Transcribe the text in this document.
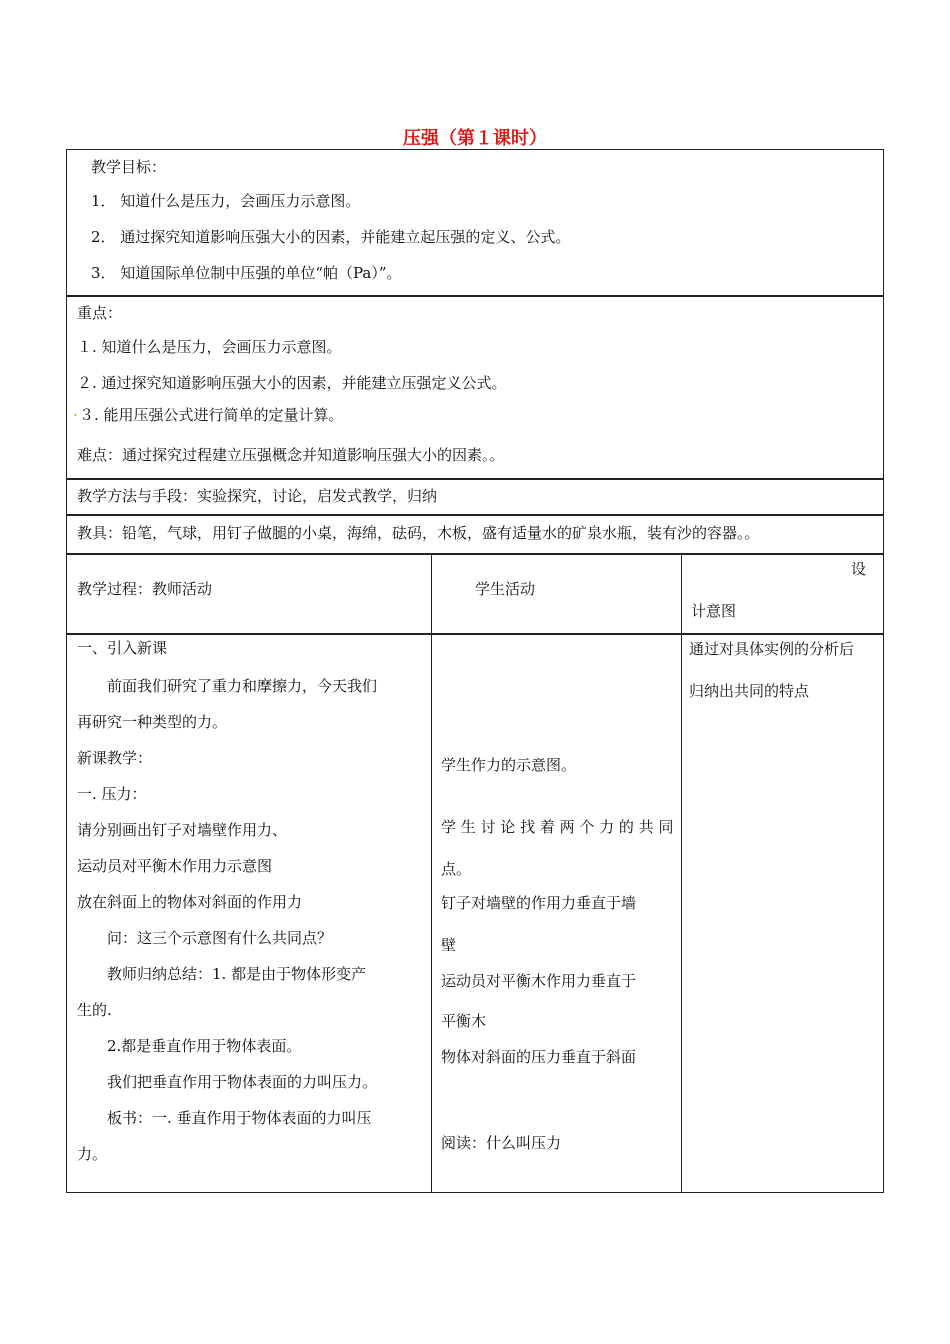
压强（第１课时）
教学目标：
1． 知道什么是压力，会画压力示意图。
2． 通过探究知道影响压强大小的因素，并能建立起压强的定义、公式。
3． 知道国际单位制中压强的单位“帕（Pa）”。
重点：
１. 知道什么是压力，会画压力示意图。
２. 通过探究知道影响压强大小的因素，并能建立压强定义公式。
. ３. 能用压强公式进行简单的定量计算。
难点：通过探究过程建立压强概念并知道影响压强大小的因素。。
教学方法与手段：实验探究，讨论，启发式教学，归纳
教具：铅笔，气球，用钉子做腿的小桌，海绵，砝码，木板，盛有适量水的矿泉水瓶，装有沙的容器。。
教学过程：教师活动	学生活动
设
计意图
一、引入新课
　　前面我们研究了重力和摩擦力，今天我们
再研究一种类型的力。
新课教学：
一. 压力：
请分别画出钉子对墙壁作用力、
运动员对平衡木作用力示意图
放在斜面上的物体对斜面的作用力
　　问：这三个示意图有什么共同点？
　　教师归纳总结：1. 都是由于物体形变产
生的.
　　2.都是垂直作用于物体表面。
　　我们把垂直作用于物体表面的力叫压力。
　　板书：一. 垂直作用于物体表面的力叫压
力。
学生作力的示意图。
学 生 讨 论 找 着 两 个 力 的 共 同
点。
钉子对墙壁的作用力垂直于墙
壁
运动员对平衡木作用力垂直于
平衡木
物体对斜面的压力垂直于斜面
阅读：什么叫压力
通过对具体实例的分析后
归纳出共同的特点
